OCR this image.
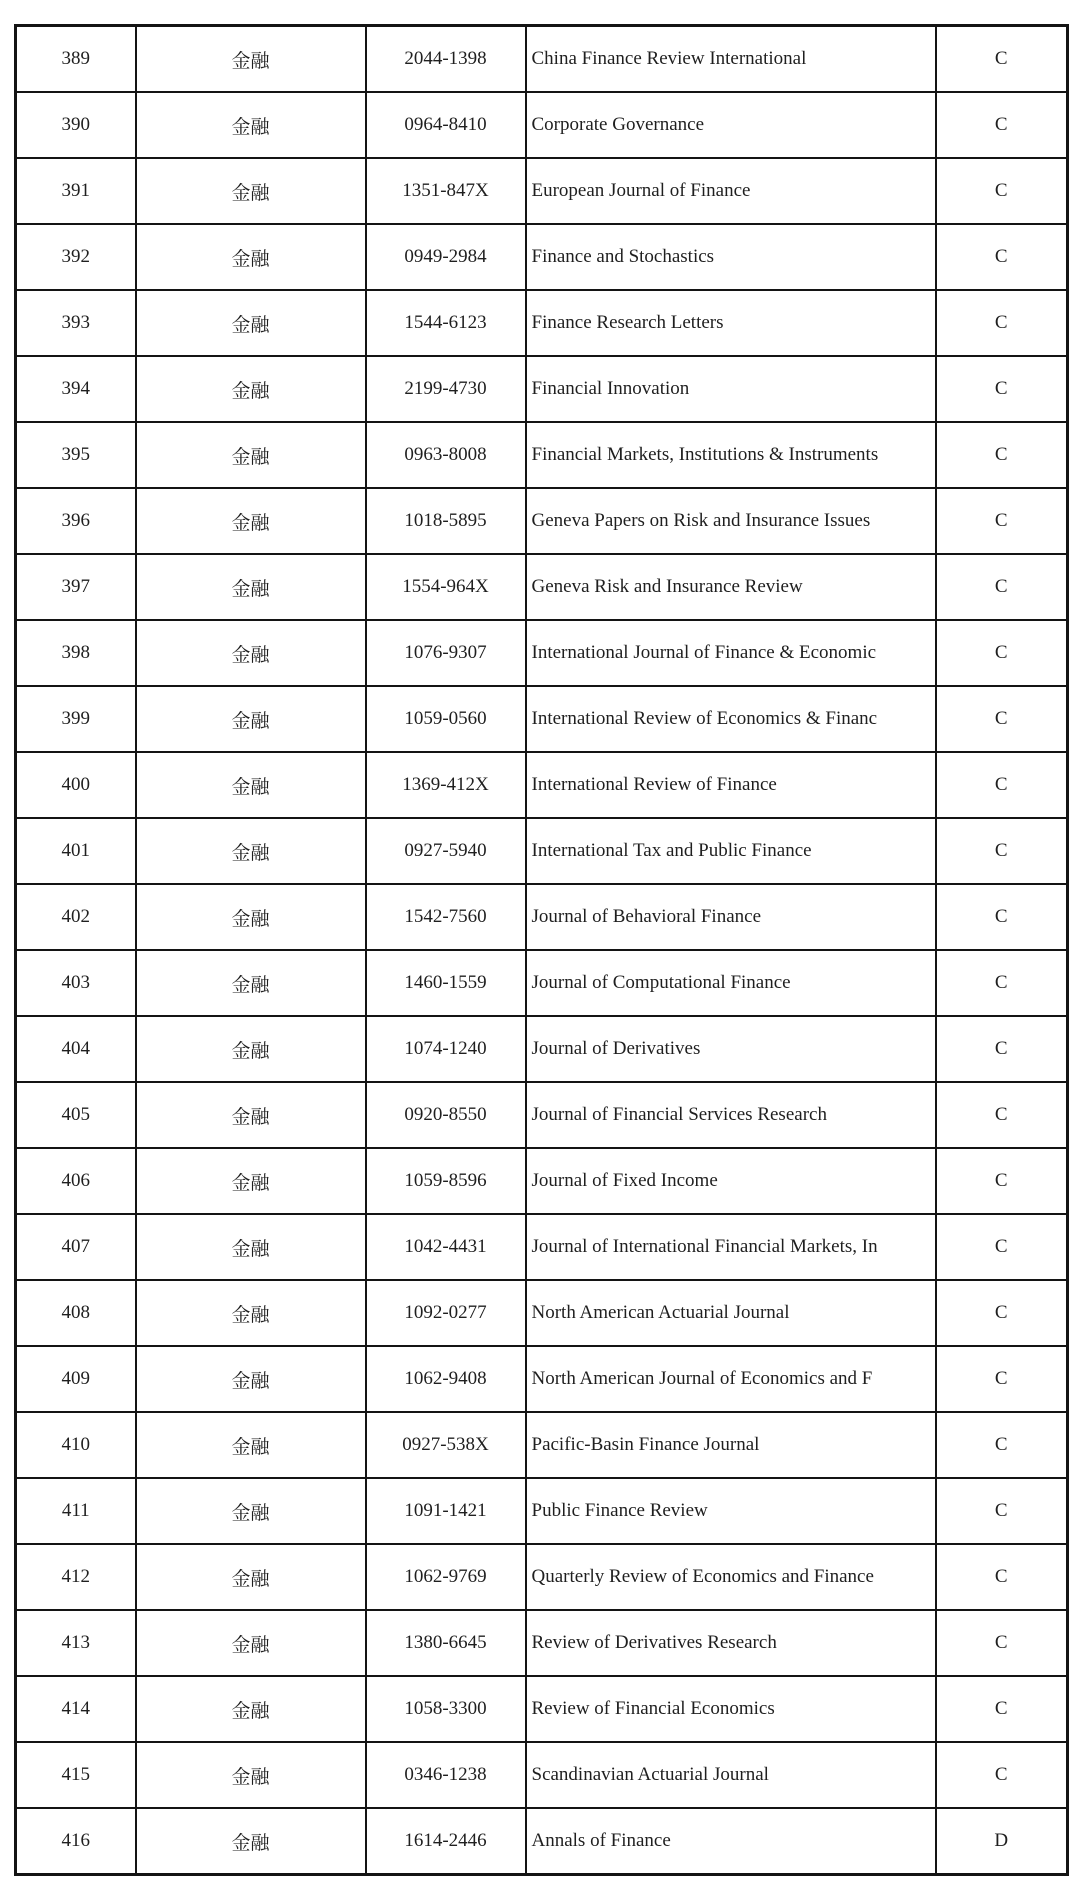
389	金融	2044-1398	China Finance Review International	C
390	金融	0964-8410	Corporate Governance	C
391	金融	1351-847X	European Journal of Finance	C
392	金融	0949-2984	Finance and Stochastics	C
393	金融	1544-6123	Finance Research Letters	C
394	金融	2199-4730	Financial Innovation	C
395	金融	0963-8008	Financial Markets, Institutions & Instruments	C
396	金融	1018-5895	Geneva Papers on Risk and Insurance Issues	C
397	金融	1554-964X	Geneva Risk and Insurance Review	C
398	金融	1076-9307	International Journal of Finance & Economic	C
399	金融	1059-0560	International Review of Economics & Financ	C
400	金融	1369-412X	International Review of Finance	C
401	金融	0927-5940	International Tax and Public Finance	C
402	金融	1542-7560	Journal of Behavioral Finance	C
403	金融	1460-1559	Journal of Computational Finance	C
404	金融	1074-1240	Journal of Derivatives	C
405	金融	0920-8550	Journal of Financial Services Research	C
406	金融	1059-8596	Journal of Fixed Income	C
407	金融	1042-4431	Journal of International Financial Markets, In	C
408	金融	1092-0277	North American Actuarial Journal	C
409	金融	1062-9408	North American Journal of Economics and F	C
410	金融	0927-538X	Pacific-Basin Finance Journal	C
411	金融	1091-1421	Public Finance Review	C
412	金融	1062-9769	Quarterly Review of Economics and Finance	C
413	金融	1380-6645	Review of Derivatives Research	C
414	金融	1058-3300	Review of Financial Economics	C
415	金融	0346-1238	Scandinavian Actuarial Journal	C
416	金融	1614-2446	Annals of Finance	D
